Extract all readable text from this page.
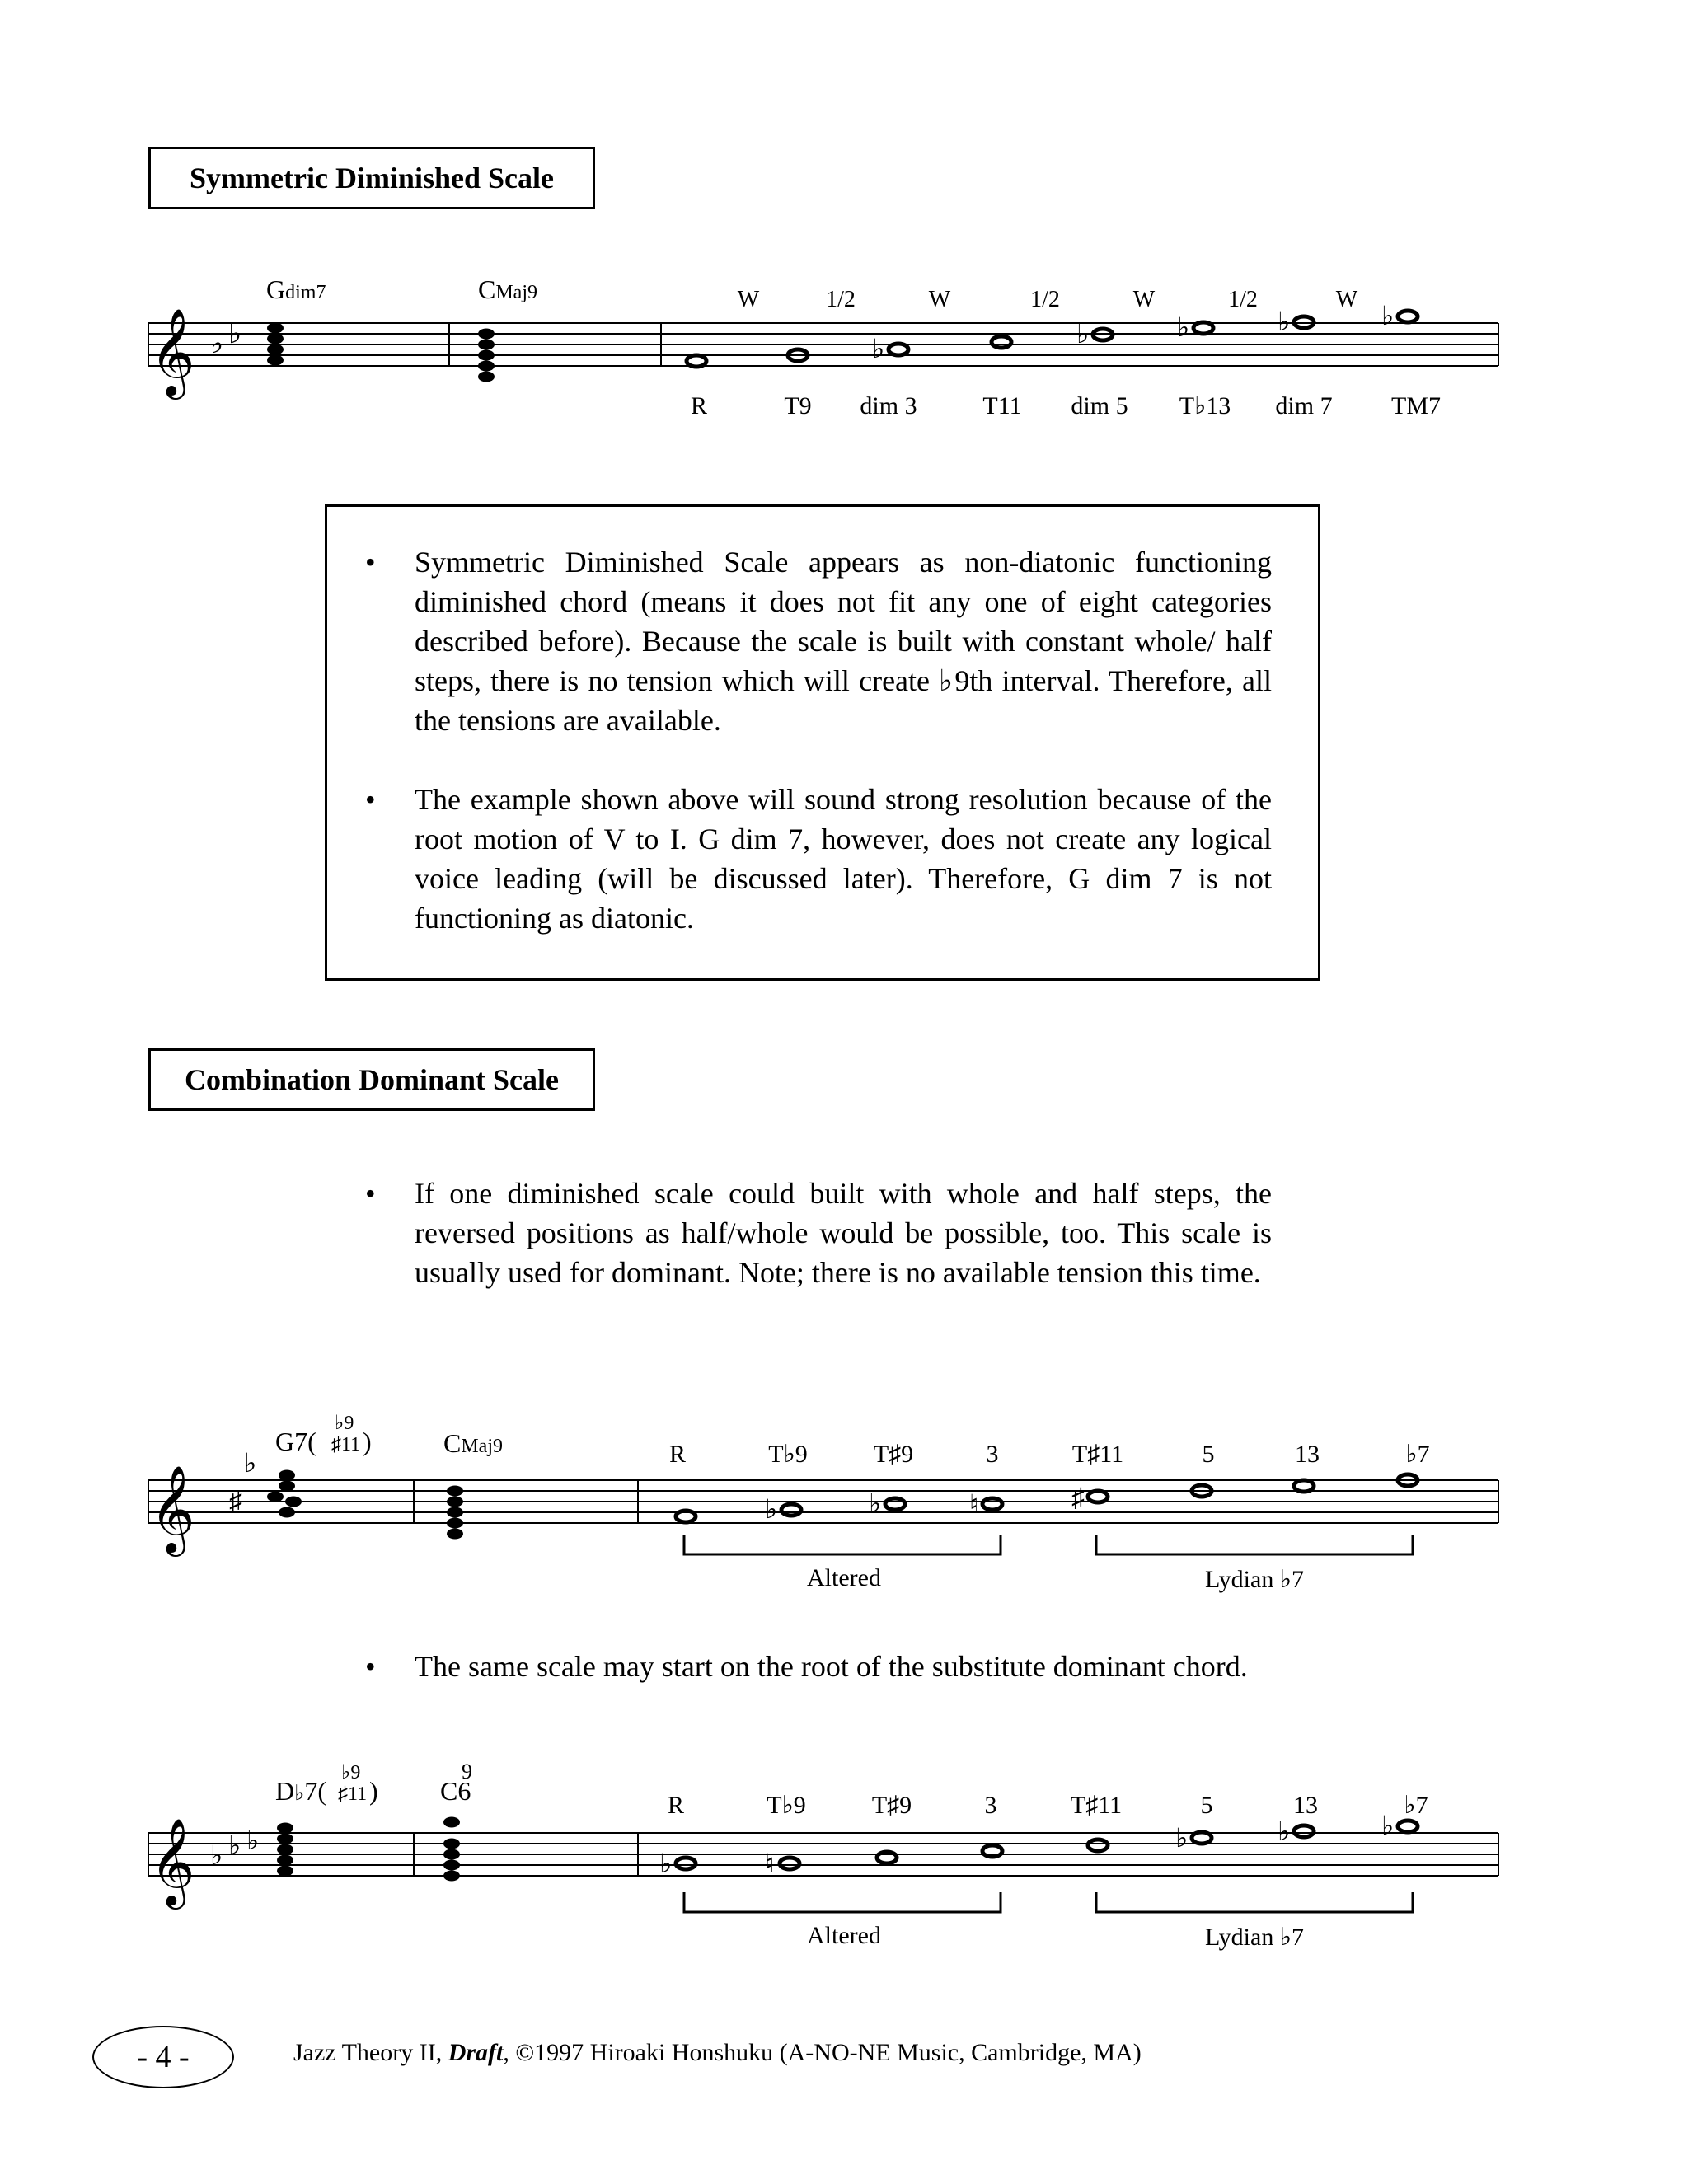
Symmetric Diminished Scale
𝄞 ♭ ♭
Gdim7	CMaj9
♭	♭	♭	♭	♭
W	1/2	W	1/2	W	1/2	W
R	T9 dim 3	T11 dim 5 T♭13 dim 7 TM7
•	Symmetric Diminished Scale appears as non-diatonic functioning diminished chord (means it does not fit any one of eight categories described before). Because the scale is built with constant whole/ half steps, there is no tension which will create ♭9th interval. Therefore, all the tensions are available.
•	The example shown above will sound strong resolution because of the root motion of V to I. G dim 7, however, does not create any logical voice leading (will be discussed later). Therefore, G dim 7 is not functioning as diatonic.
Combination Dominant Scale
•	If one diminished scale could built with whole and half steps, the reversed positions as half/whole would be possible, too. This scale is usually used for dominant. Note; there is no available tension this time.
𝄞
G7(
♭9
♯11 )	CMaj9
♭
♯	♭	♭	♮	♯
R	T♭9	T♯9	3	T♯11	5	13	♭7
Altered	Lydian ♭7
•	The same scale may start on the root of the substitute dominant chord.
𝄞 ♭ ♭ ♭
D♭7(
♭9
♯11 )
9
C6
♭	♮
♭	♭	♭
R	T♭9	T♯9	3	T♯11	5	13	♭7
Altered	Lydian ♭7
- 4 -	Jazz Theory II, Draft, ©1997 Hiroaki Honshuku (A-NO-NE Music, Cambridge, MA)
